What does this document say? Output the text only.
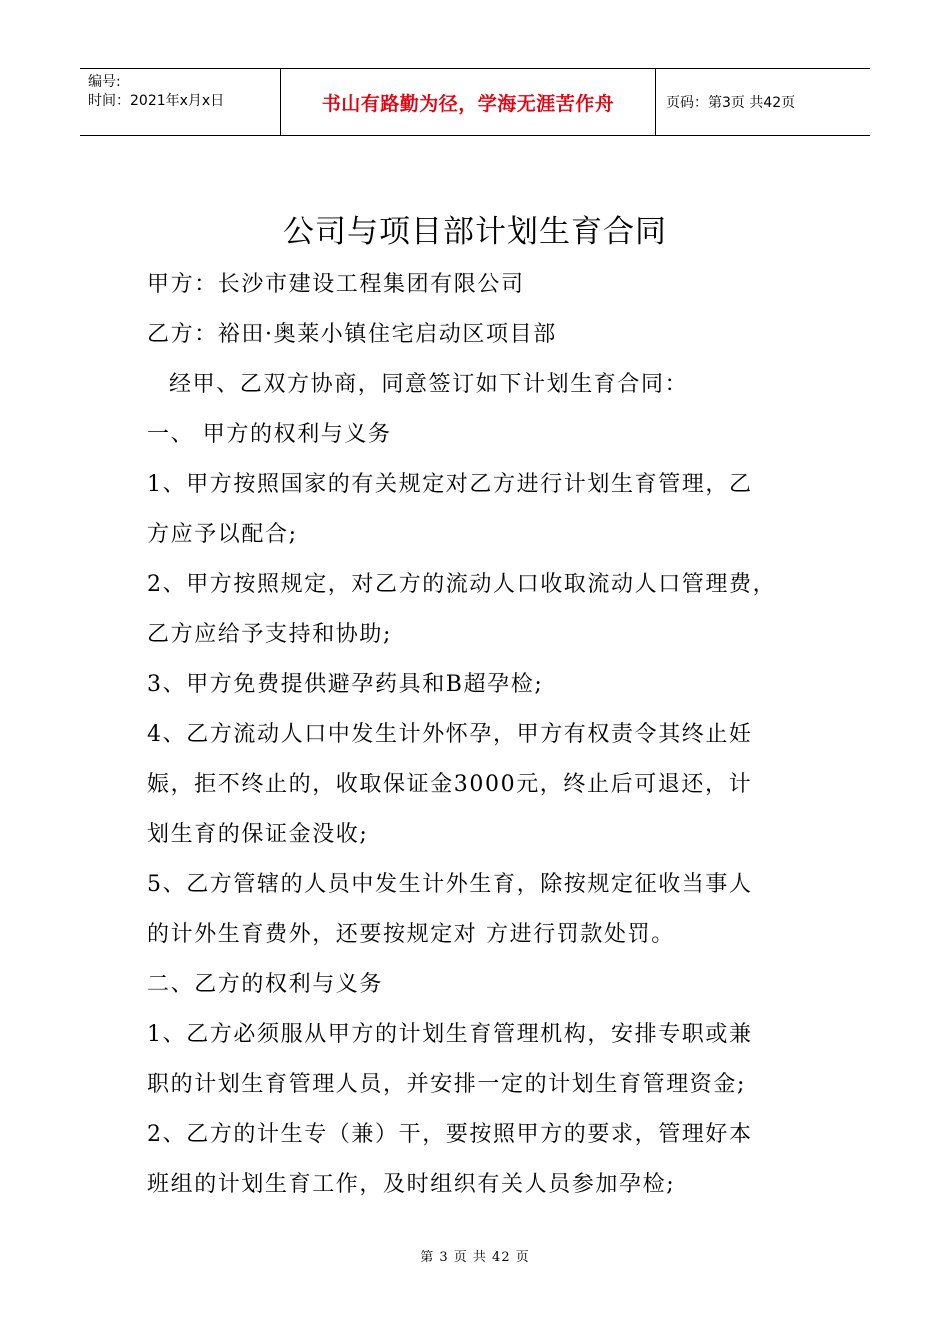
编号:
时间：2021年x月x日	书山有路勤为径，学海无涯苦作舟	页码：第3页 共42页
公司与项目部计划生育合同
甲方：长沙市建设工程集团有限公司
乙方：裕田·奥莱小镇住宅启动区项目部
经甲、乙双方协商，同意签订如下计划生育合同：
一、 甲方的权利与义务
1、甲方按照国家的有关规定对乙方进行计划生育管理，乙
方应予以配合;
2、甲方按照规定，对乙方的流动人口收取流动人口管理费，
乙方应给予支持和协助;
3、甲方免费提供避孕药具和B超孕检;
4、乙方流动人口中发生计外怀孕，甲方有权责令其终止妊
娠，拒不终止的，收取保证金3000元，终止后可退还，计
划生育的保证金没收;
5、乙方管辖的人员中发生计外生育，除按规定征收当事人
的计外生育费外，还要按规定对 方进行罚款处罚。
二、乙方的权利与义务
1、乙方必须服从甲方的计划生育管理机构，安排专职或兼
职的计划生育管理人员，并安排一定的计划生育管理资金;
2、乙方的计生专（兼）干，要按照甲方的要求，管理好本
班组的计划生育工作，及时组织有关人员参加孕检;
第 3 页 共 42 页
